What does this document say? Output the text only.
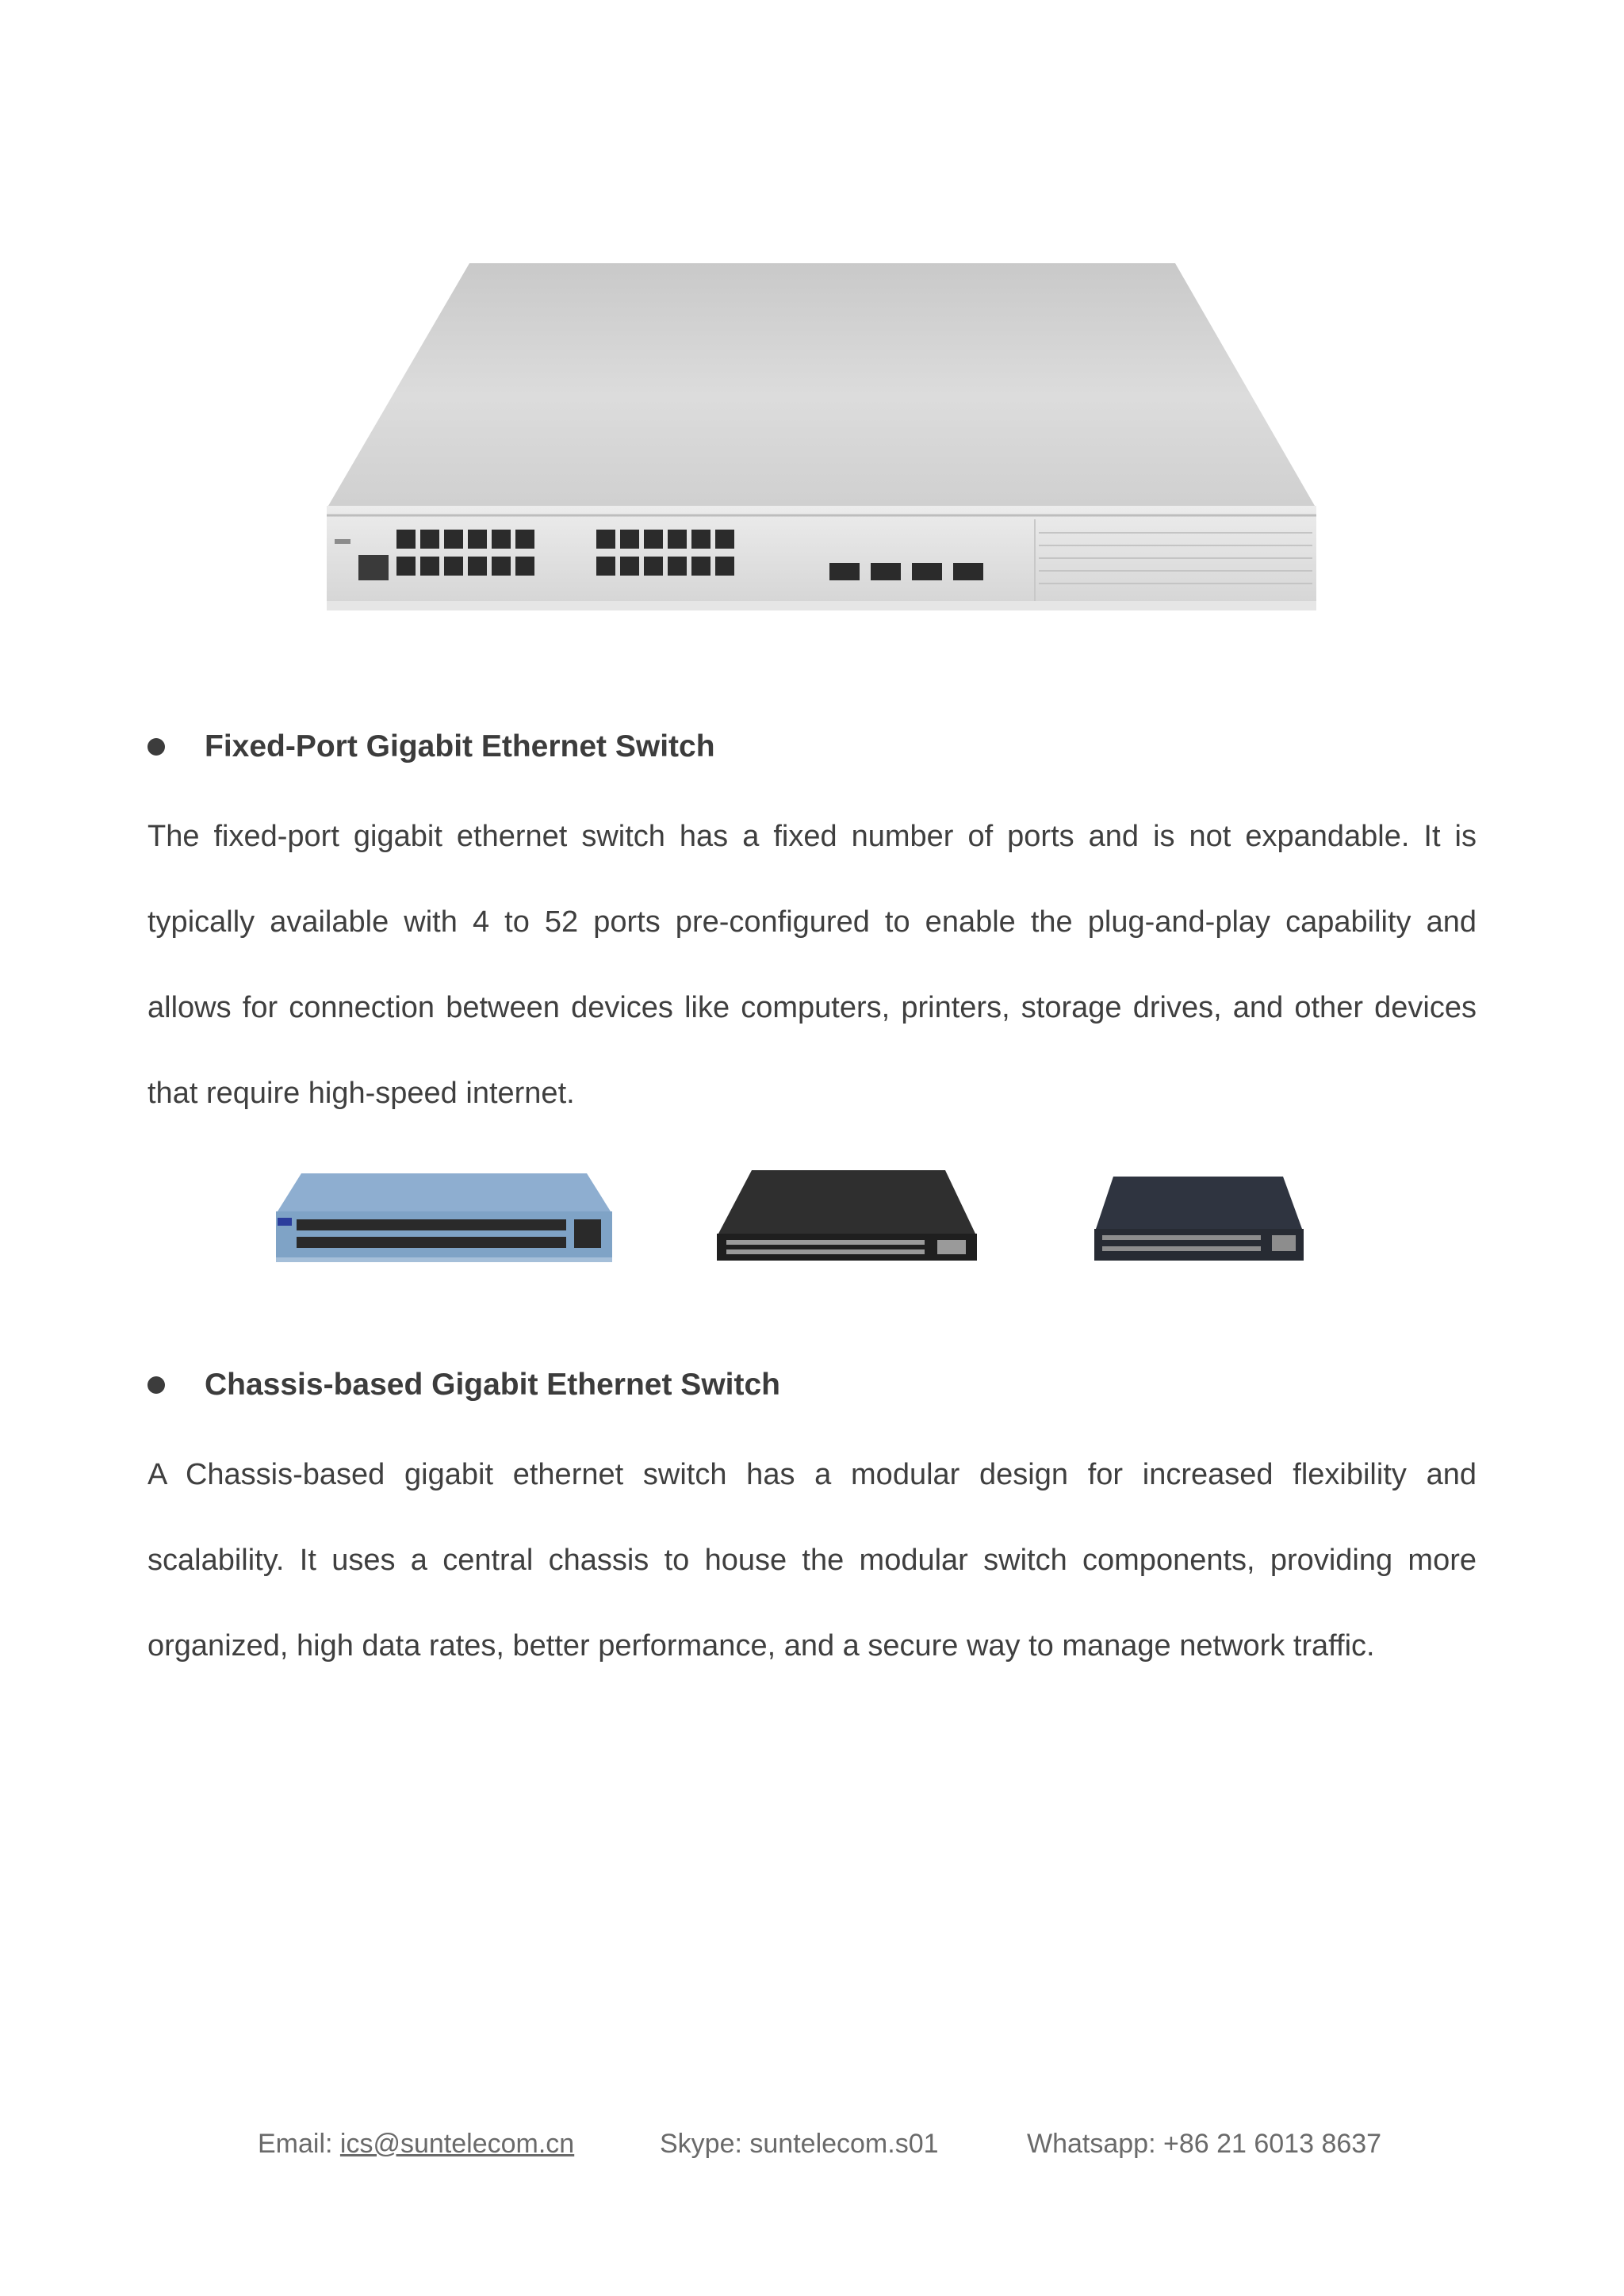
Fixed-Port Gigabit Ethernet Switch
The fixed-port gigabit ethernet switch has a fixed number of ports and is not expandable. It is typically available with 4 to 52 ports pre-configured to enable the plug-and-play capability and allows for connection between devices like computers, printers, storage drives, and other devices that require high-speed internet.
Chassis-based Gigabit Ethernet Switch
A Chassis-based gigabit ethernet switch has a modular design for increased flexibility and scalability. It uses a central chassis to house the modular switch components, providing more organized, high data rates, better performance, and a secure way to manage network traffic.
Email: ics@suntelecom.cn	Skype: suntelecom.s01	Whatsapp: +86 21 6013 8637
